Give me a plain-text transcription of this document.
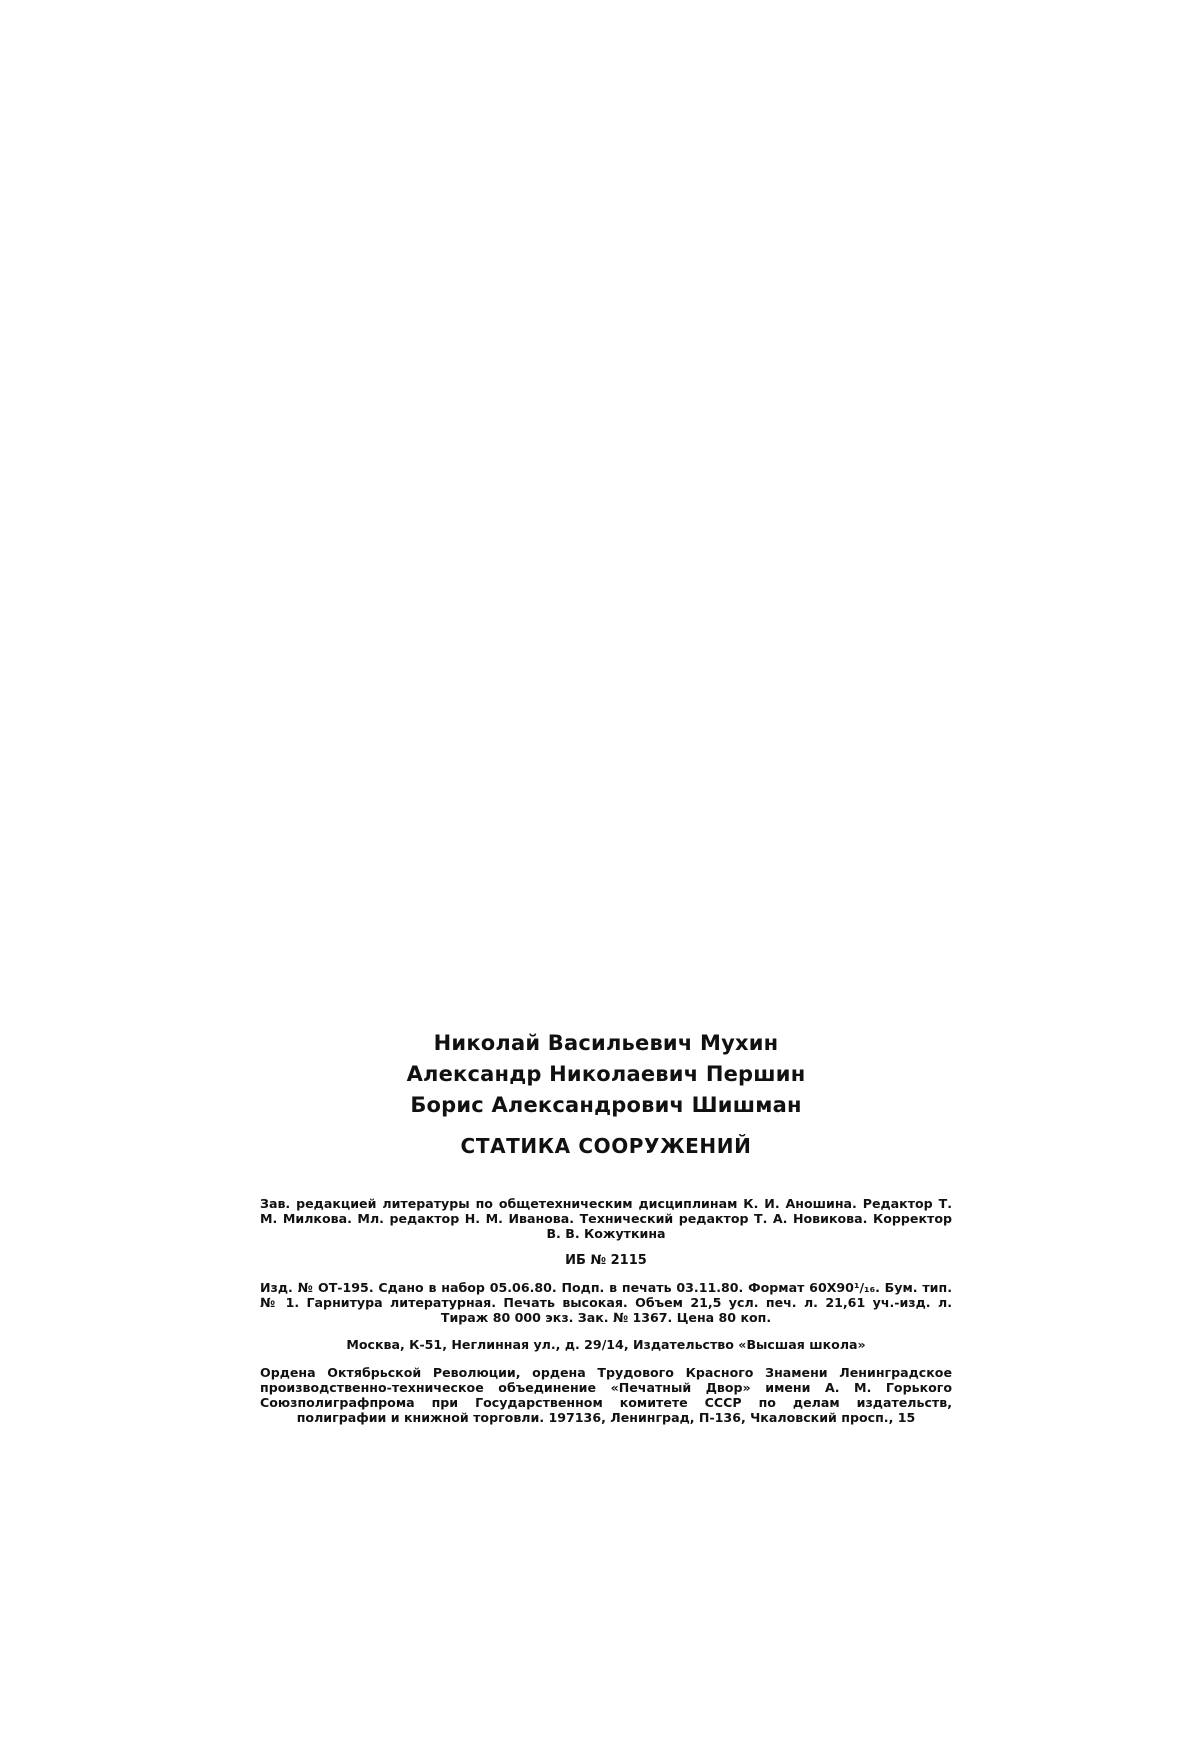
Николай Васильевич Мухин
Александр Николаевич Першин
Борис Александрович Шишман
СТАТИКА СООРУЖЕНИЙ

Зав. редакцией литературы по общетехническим дисциплинам К. И. Аношина. Редактор Т. М. Милкова. Мл. редактор Н. М. Иванова. Технический редактор Т. А. Новикова. Корректор В. В. Кожуткина

ИБ № 2115

Изд. № ОТ-195. Сдано в набор 05.06.80. Подп. в печать 03.11.80. Формат 60X90¹/₁₆. Бум. тип. № 1. Гарнитура литературная. Печать высокая. Объем 21,5 усл. печ. л. 21,61 уч.-изд. л. Тираж 80 000 экз. Зак. № 1367. Цена 80 коп.

Москва, К-51, Неглинная ул., д. 29/14, Издательство «Высшая школа»

Ордена Октябрьской Революции, ордена Трудового Красного Знамени Ленинградское производственно-техническое объединение «Печатный Двор» имени А. М. Горького Союзполиграфпрома при Государственном комитете СССР по делам издательств, полиграфии и книжной торговли. 197136, Ленинград, П-136, Чкаловский просп., 15
